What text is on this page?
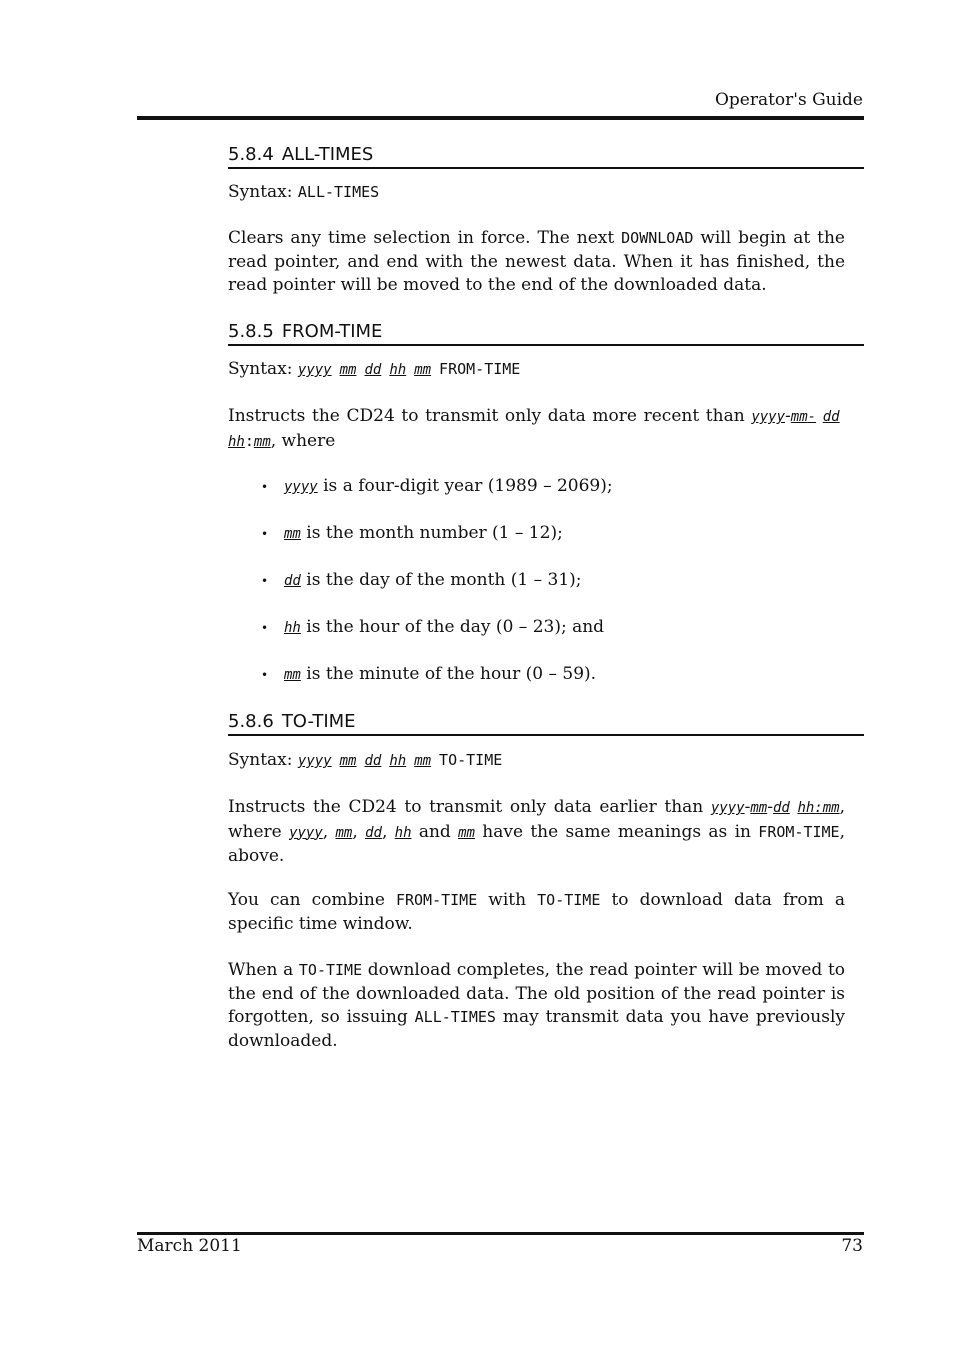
Operator's Guide
5.8.4 ALL-TIMES
Syntax: ALL-TIMES
Clears any time selection in force. The next DOWNLOAD will begin at the read pointer, and end with the newest data. When it has finished, the read pointer will be moved to the end of the downloaded data.
5.8.5 FROM-TIME
Syntax: yyyy mm dd hh mm FROM-TIME
Instructs the CD24 to transmit only data more recent than yyyy-mm- dd  hh:mm, where
• yyyy is a four-digit year (1989 – 2069);
• mm is the month number (1 – 12);
• dd is the day of the month (1 – 31);
• hh is the hour of the day (0 – 23); and
• mm is the minute of the hour (0 – 59).
5.8.6 TO-TIME
Syntax: yyyy mm dd hh mm TO-TIME
Instructs the CD24 to transmit only data earlier than yyyy-mm-dd hh:mm, where yyyy, mm, dd, hh and mm have the same meanings as in FROM-TIME, above.
You can combine FROM-TIME with TO-TIME to download data from a specific time window.
When a TO-TIME download completes, the read pointer will be moved to the end of the downloaded data. The old position of the read pointer is forgotten, so issuing ALL-TIMES may transmit data you have previously downloaded.
March 2011	73
